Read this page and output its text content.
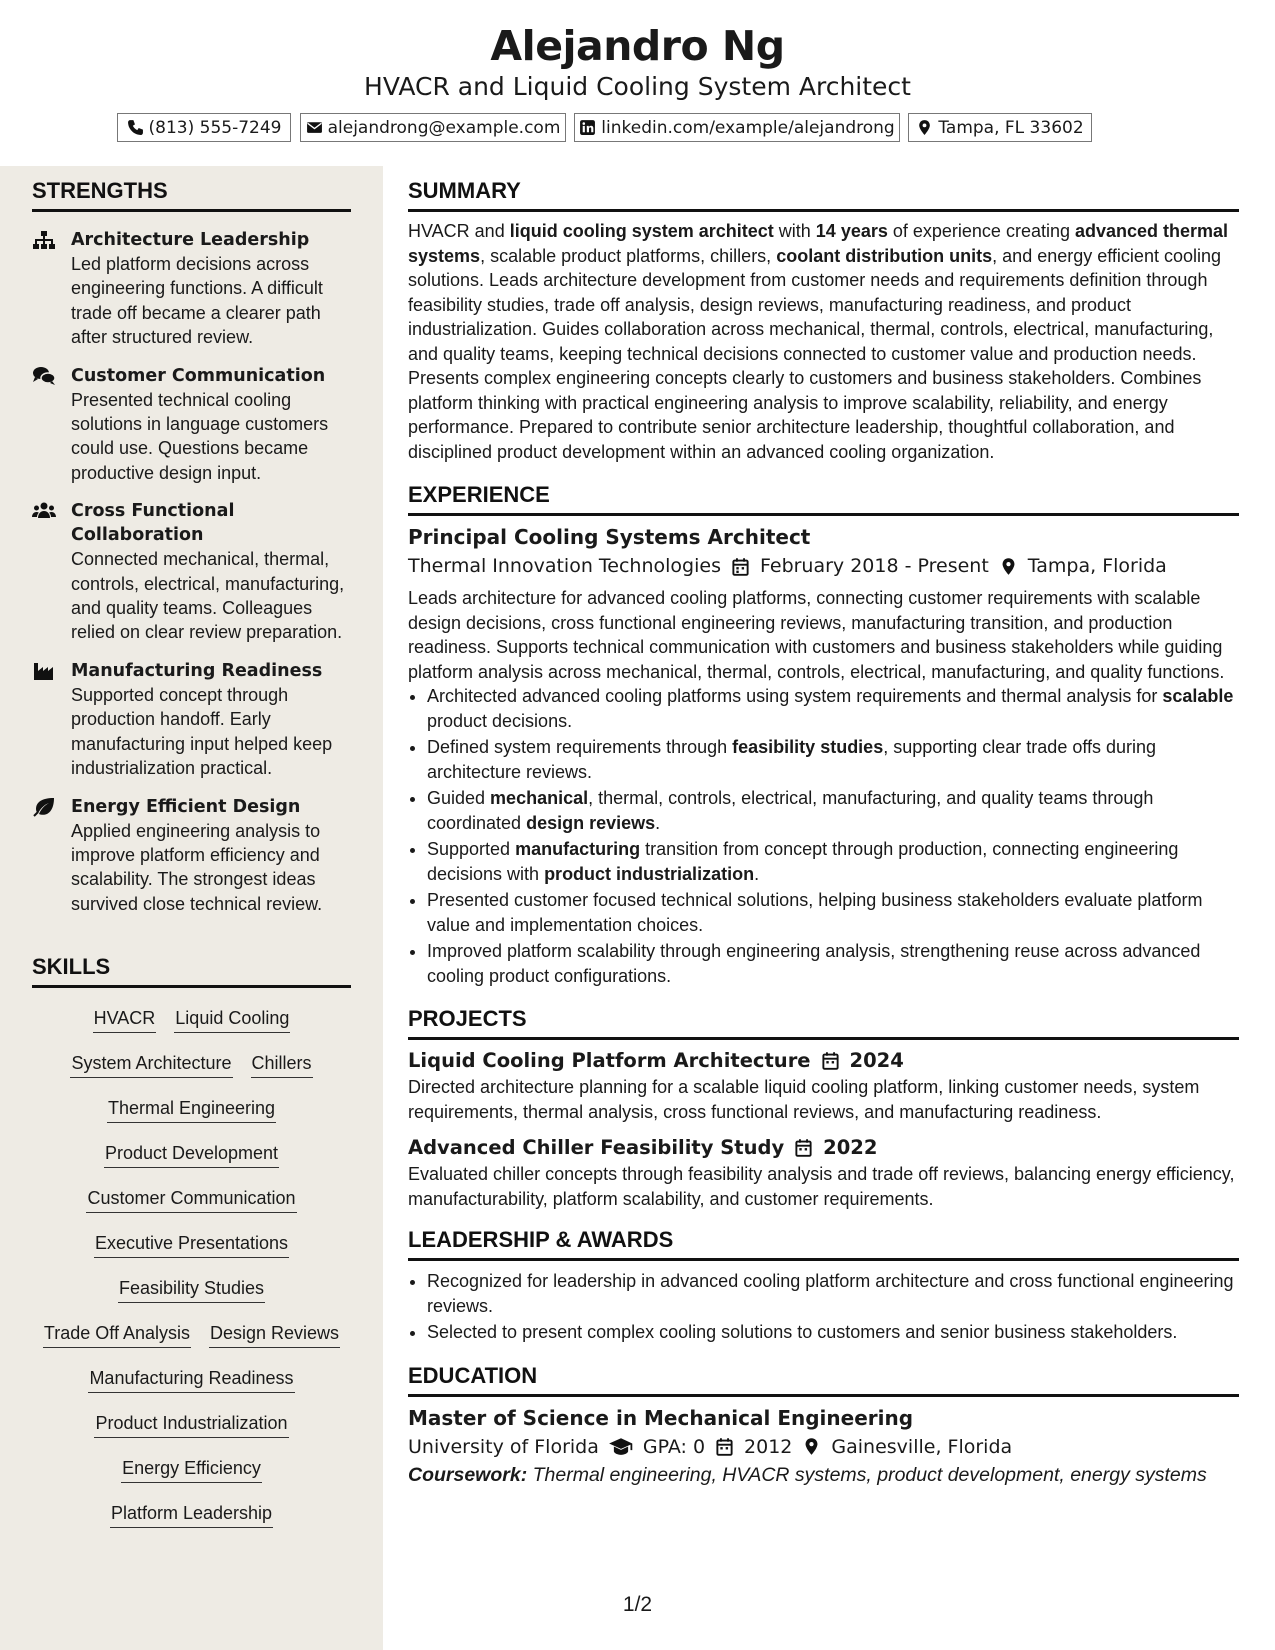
Alejandro Ng
HVACR and Liquid Cooling System Architect
(813) 555-7249	alejandrong@example.com linkedin.com/example/alejandrong	Tampa, FL 33602
STRENGTHS
Architecture Leadership
Led platform decisions across engineering functions. A difficult trade off became a clearer path after structured review.
Customer Communication
Presented technical cooling solutions in language customers could use. Questions became productive design input.
Cross Functional Collaboration
Connected mechanical, thermal, controls, electrical, manufacturing, and quality teams. Colleagues relied on clear review preparation.
Manufacturing Readiness
Supported concept through production handoff. Early manufacturing input helped keep industrialization practical.
Energy Efficient Design
Applied engineering analysis to improve platform efficiency and scalability. The strongest ideas survived close technical review.
SKILLS
HVACR Liquid Cooling
System Architecture Chillers
Thermal Engineering
Product Development
Customer Communication
Executive Presentations
Feasibility Studies
Trade Off Analysis Design Reviews
Manufacturing Readiness
Product Industrialization
Energy Efficiency
Platform Leadership
SUMMARY

HVACR and liquid cooling system architect with 14 years of experience creating advanced thermal systems, scalable product platforms, chillers, coolant distribution units, and energy efficient cooling solutions. Leads architecture development from customer needs and requirements definition through feasibility studies, trade off analysis, design reviews, manufacturing readiness, and product industrialization. Guides collaboration across mechanical, thermal, controls, electrical, manufacturing, and quality teams, keeping technical decisions connected to customer value and production needs. Presents complex engineering concepts clearly to customers and business stakeholders. Combines platform thinking with practical engineering analysis to improve scalability, reliability, and energy performance. Prepared to contribute senior architecture leadership, thoughtful collaboration, and disciplined product development within an advanced cooling organization.

EXPERIENCE
Principal Cooling Systems Architect
Thermal Innovation Technologies February 2018 - Present Tampa, Florida

Leads architecture for advanced cooling platforms, connecting customer requirements with scalable design decisions, cross functional engineering reviews, manufacturing transition, and production readiness. Supports technical communication with customers and business stakeholders while guiding platform analysis across mechanical, thermal, controls, electrical, manufacturing, and quality functions.

• Architected advanced cooling platforms using system requirements and thermal analysis for scalable product decisions.
• Defined system requirements through feasibility studies, supporting clear trade offs during architecture reviews.
• Guided mechanical, thermal, controls, electrical, manufacturing, and quality teams through coordinated design reviews.
• Supported manufacturing transition from concept through production, connecting engineering decisions with product industrialization.
• Presented customer focused technical solutions, helping business stakeholders evaluate platform value and implementation choices.
• Improved platform scalability through engineering analysis, strengthening reuse across advanced cooling product configurations.
PROJECTS
Liquid Cooling Platform Architecture 2024

Directed architecture planning for a scalable liquid cooling platform, linking customer needs, system requirements, thermal analysis, cross functional reviews, and manufacturing readiness.

Advanced Chiller Feasibility Study 2022

Evaluated chiller concepts through feasibility analysis and trade off reviews, balancing energy efficiency, manufacturability, platform scalability, and customer requirements.

LEADERSHIP & AWARDS
• Recognized for leadership in advanced cooling platform architecture and cross functional engineering reviews.
• Selected to present complex cooling solutions to customers and senior business stakeholders.
EDUCATION
Master of Science in Mechanical Engineering
University of Florida GPA: 0 2012 Gainesville, Florida
Coursework: Thermal engineering, HVACR systems, product development, energy systems
1/2
